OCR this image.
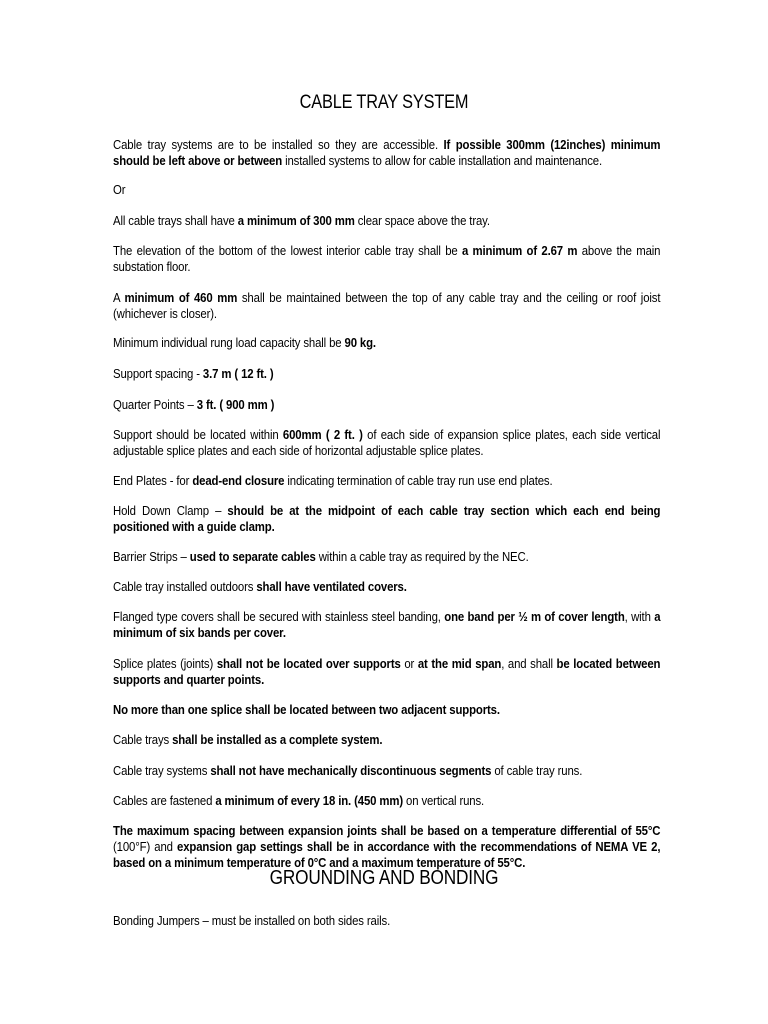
CABLE TRAY SYSTEM
Cable tray systems are to be installed so they are accessible. If possible 300mm (12inches) minimum should be left above or between installed systems to allow for cable installation and maintenance.
Or
All cable trays shall have a minimum of 300 mm clear space above the tray.
The elevation of the bottom of the lowest interior cable tray shall be a minimum of 2.67 m above the main substation floor.
A minimum of 460 mm shall be maintained between the top of any cable tray and the ceiling or roof joist (whichever is closer).
Minimum individual rung load capacity shall be 90 kg.
Support spacing - 3.7 m ( 12 ft. )
Quarter Points – 3 ft. ( 900 mm )
Support should be located within 600mm ( 2 ft. ) of each side of expansion splice plates, each side vertical adjustable splice plates and each side of horizontal adjustable splice plates.
End Plates - for dead-end closure indicating termination of cable tray run use end plates.
Hold Down Clamp – should be at the midpoint of each cable tray section which each end being positioned with a guide clamp.
Barrier Strips – used to separate cables within a cable tray as required by the NEC.
Cable tray installed outdoors shall have ventilated covers.
Flanged type covers shall be secured with stainless steel banding, one band per ½ m of cover length, with a minimum of six bands per cover.
Splice plates (joints) shall not be located over supports or at the mid span, and shall be located between supports and quarter points.
No more than one splice shall be located between two adjacent supports.
Cable trays shall be installed as a complete system.
Cable tray systems shall not have mechanically discontinuous segments of cable tray runs.
Cables are fastened a minimum of every 18 in. (450 mm) on vertical runs.
The maximum spacing between expansion joints shall be based on a temperature differential of 55°C (100°F) and expansion gap settings shall be in accordance with the recommendations of NEMA VE 2, based on a minimum temperature of 0°C and a maximum temperature of 55°C.
GROUNDING AND BONDING
Bonding Jumpers – must be installed on both sides rails.
